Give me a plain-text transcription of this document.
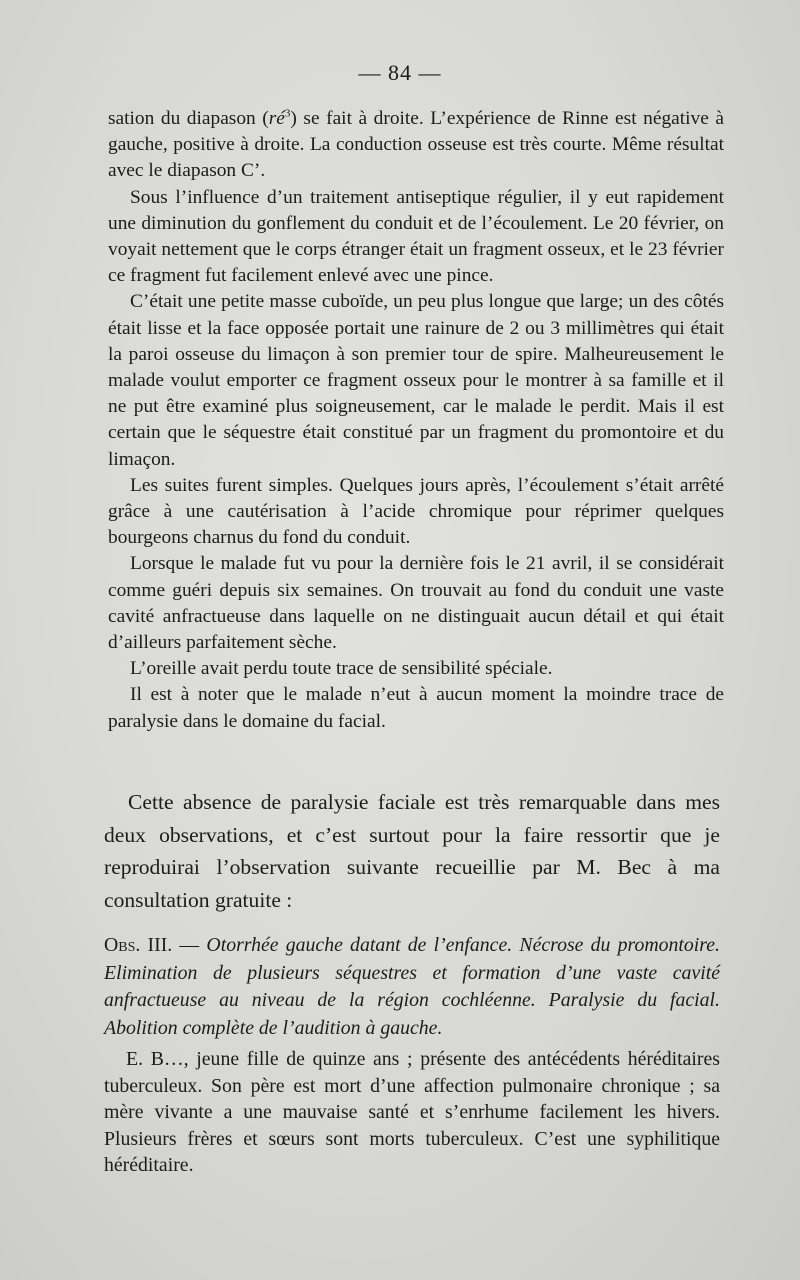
— 84 —

sation du diapason $(ré^3)$ se fait à droite. L’expérience de Rinne est négative à gauche, positive à droite. La conduction osseuse est très courte. Même résultat avec le diapason C’.

Sous l’influence d’un traitement antiseptique régulier, il y eut rapidement une diminution du gonflement du conduit et de l’écoulement. Le 20 février, on voyait nettement que le corps étranger était un fragment osseux, et le 23 février ce fragment fut facilement enlevé avec une pince.

C’était une petite masse cuboïde, un peu plus longue que large; un des côtés était lisse et la face opposée portait une rainure de 2 ou 3 millimètres qui était la paroi osseuse du limaçon à son premier tour de spire. Malheureusement le malade voulut emporter ce fragment osseux pour le montrer à sa famille et il ne put être examiné plus soigneusement, car le malade le perdit. Mais il est certain que le séquestre était constitué par un fragment du promontoire et du limaçon.

Les suites furent simples. Quelques jours après, l’écoulement s’était arrêté grâce à une cautérisation à l’acide chromique pour réprimer quelques bourgeons charnus du fond du conduit.

Lorsque le malade fut vu pour la dernière fois le 21 avril, il se considérait comme guéri depuis six semaines. On trouvait au fond du conduit une vaste cavité anfractueuse dans laquelle on ne distinguait aucun détail et qui était d’ailleurs parfaitement sèche.

L’oreille avait perdu toute trace de sensibilité spéciale.

Il est à noter que le malade n’eut à aucun moment la moindre trace de paralysie dans le domaine du facial.

Cette absence de paralysie faciale est très remarquable dans mes deux observations, et c’est surtout pour la faire ressortir que je reproduirai l’observation suivante recueillie par M. Bec à ma consultation gratuite :

Obs. III. — Otorrhée gauche datant de l’enfance. Nécrose du promontoire. Elimination de plusieurs séquestres et formation d’une vaste cavité anfractueuse au niveau de la région cochléenne. Paralysie du facial. Abolition complète de l’audition à gauche.

E. B…, jeune fille de quinze ans ; présente des antécédents héréditaires tuberculeux. Son père est mort d’une affection pulmonaire chronique ; sa mère vivante a une mauvaise santé et s’enrhume facilement les hivers. Plusieurs frères et sœurs sont morts tuberculeux. C’est une syphilitique héréditaire.
